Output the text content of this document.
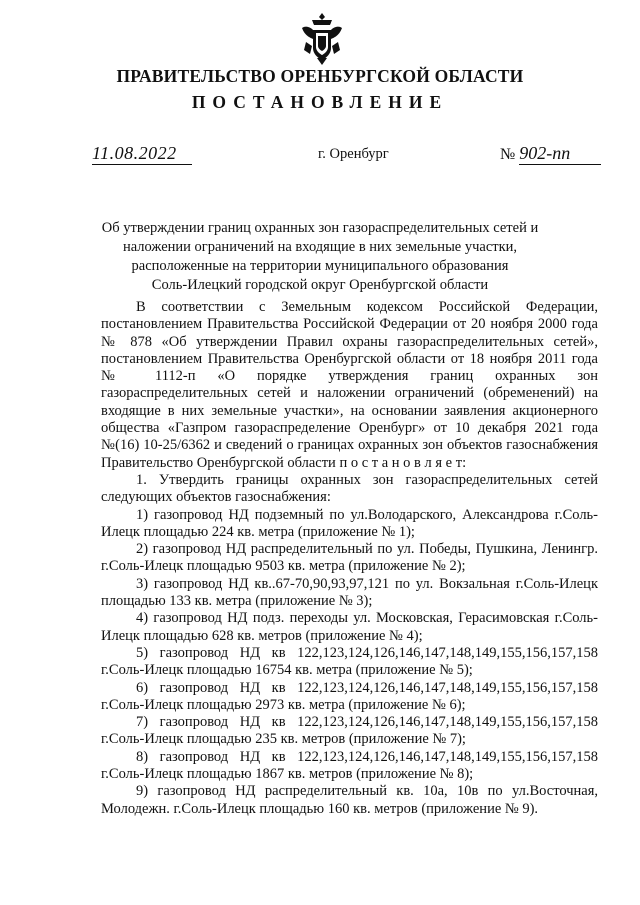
ПРАВИТЕЛЬСТВО ОРЕНБУРГСКОЙ ОБЛАСТИ
ПОСТАНОВЛЕНИЕ
11.08.2022	г. Оренбург	№ 902-пп
Об утверждении границ охранных зон газораспределительных сетей и
наложении ограничений на входящие в них земельные участки,
расположенные на территории муниципального образования
Соль-Илецкий городской округ Оренбургской области

В соответствии с Земельным кодексом Российской Федерации, постановлением Правительства Российской Федерации от 20 ноября 2000 года № 878 «Об утверждении Правил охраны газораспределительных сетей», постановлением Правительства Оренбургской области от 18 ноября 2011 года № 1112-п «О порядке утверждения границ охранных зон газораспределительных сетей и наложении ограничений (обременений) на входящие в них земельные участки», на основании заявления акционерного общества «Газпром газораспределение Оренбург» от 10 декабря 2021 года №(16) 10-25/6362 и сведений о границах охранных зон объектов газоснабжения Правительство Оренбургской области п о с т а н о в л я е т:

1. Утвердить границы охранных зон газораспределительных сетей следующих объектов газоснабжения:

1) газопровод НД подземный по ул.Володарского, Александрова г.Соль-Илецк площадью 224 кв. метра (приложение № 1);

2) газопровод НД распределительный по ул. Победы, Пушкина, Ленингр. г.Соль-Илецк площадью 9503 кв. метра (приложение № 2);

3) газопровод НД кв..67-70,90,93,97,121 по ул. Вокзальная г.Соль-Илецк площадью 133 кв. метра (приложение № 3);

4) газопровод НД подз. переходы ул. Московская, Герасимовская г.Соль-Илецк площадью 628 кв. метров (приложение № 4);

5) газопровод НД кв 122,123,124,126,146,147,148,149,155,156,157,158 г.Соль-Илецк площадью 16754 кв. метра (приложение № 5);

6) газопровод НД кв 122,123,124,126,146,147,148,149,155,156,157,158 г.Соль-Илецк площадью 2973 кв. метра (приложение № 6);

7) газопровод НД кв 122,123,124,126,146,147,148,149,155,156,157,158 г.Соль-Илецк площадью 235 кв. метров (приложение № 7);

8) газопровод НД кв 122,123,124,126,146,147,148,149,155,156,157,158 г.Соль-Илецк площадью 1867 кв. метров (приложение № 8);

9) газопровод НД распределительный кв. 10а, 10в по ул.Восточная, Молодежн. г.Соль-Илецк площадью 160 кв. метров (приложение № 9).
